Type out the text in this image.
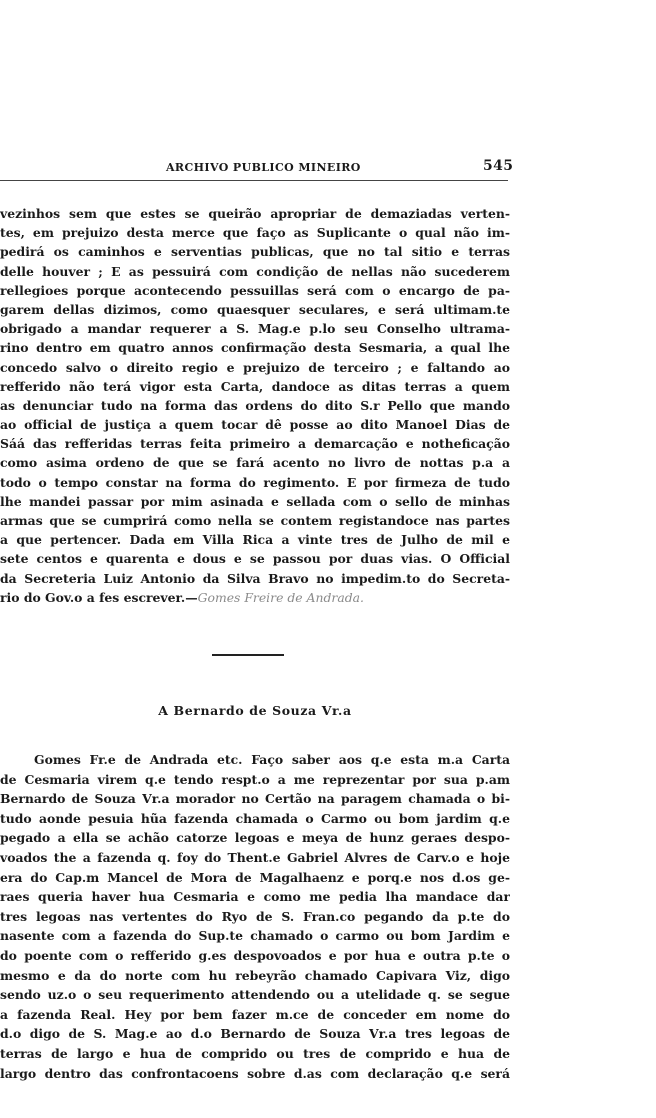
ARCHIVO PUBLICO MINEIRO	545
vezinhos sem que estes se queirão apropriar de demaziadas verten-
tes, em prejuizo desta merce que faço as Suplicante o qual não im-
pedirá os caminhos e serventias publicas, que no tal sitio e terras
delle houver ; E as pessuirá com condição de nellas não sucederem
rellegioes porque acontecendo pessuillas será com o encargo de pa-
garem dellas dizimos, como quaesquer seculares, e será ultimam.te
obrigado a mandar requerer a S. Mag.e p.lo seu Conselho ultrama-
rino dentro em quatro annos confirmação desta Sesmaria, a qual lhe
concedo salvo o direito regio e prejuizo de terceiro ; e faltando ao
refferido não terá vigor esta Carta, dandoce as ditas terras a quem
as denunciar tudo na forma das ordens do dito S.r Pello que mando
ao official de justiça a quem tocar dê posse ao dito Manoel Dias de
Sáá das refferidas terras feita primeiro a demarcação e notheficação
como asima ordeno de que se fará acento no livro de nottas p.a a
todo o tempo constar na forma do regimento. E por firmeza de tudo
lhe mandei passar por mim asinada e sellada com o sello de minhas
armas que se cumprirá como nella se contem registandoce nas partes
a que pertencer. Dada em Villa Rica a vinte tres de Julho de mil e
sete centos e quarenta e dous e se passou por duas vias. O Official
da Secreteria Luiz Antonio da Silva Bravo no impedim.to do Secreta-
rio do Gov.o a fes escrever.—Gomes Freire de Andrada.
A Bernardo de Souza Vr.a
Gomes Fr.e de Andrada etc. Faço saber aos q.e esta m.a Carta
de Cesmaria virem q.e tendo respt.o a me reprezentar por sua p.am
Bernardo de Souza Vr.a morador no Certão na paragem chamada o bi-
tudo aonde pesuia hũa fazenda chamada o Carmo ou bom jardim q.e
pegado a ella se achão catorze legoas e meya de hunz geraes despo-
voados the a fazenda q. foy do Thent.e Gabriel Alvres de Carv.o e hoje
era do Cap.m Mancel de Mora de Magalhaenz e porq.e nos d.os ge-
raes queria haver hua Cesmaria e como me pedia lha mandace dar
tres legoas nas vertentes do Ryo de S. Fran.co pegando da p.te do
nasente com a fazenda do Sup.te chamado o carmo ou bom Jardim e
do poente com o refferido g.es despovoados e por hua e outra p.te o
mesmo e da do norte com hu rebeyrão chamado Capivara Viz, digo
sendo uz.o o seu requerimento attendendo ou a utelidade q. se segue
a fazenda Real. Hey por bem fazer m.ce de conceder em nome do
d.o digo de S. Mag.e ao d.o Bernardo de Souza Vr.a tres legoas de
terras de largo e hua de comprido ou tres de comprido e hua de
largo dentro das confrontacoens sobre d.as com declaração q.e será
